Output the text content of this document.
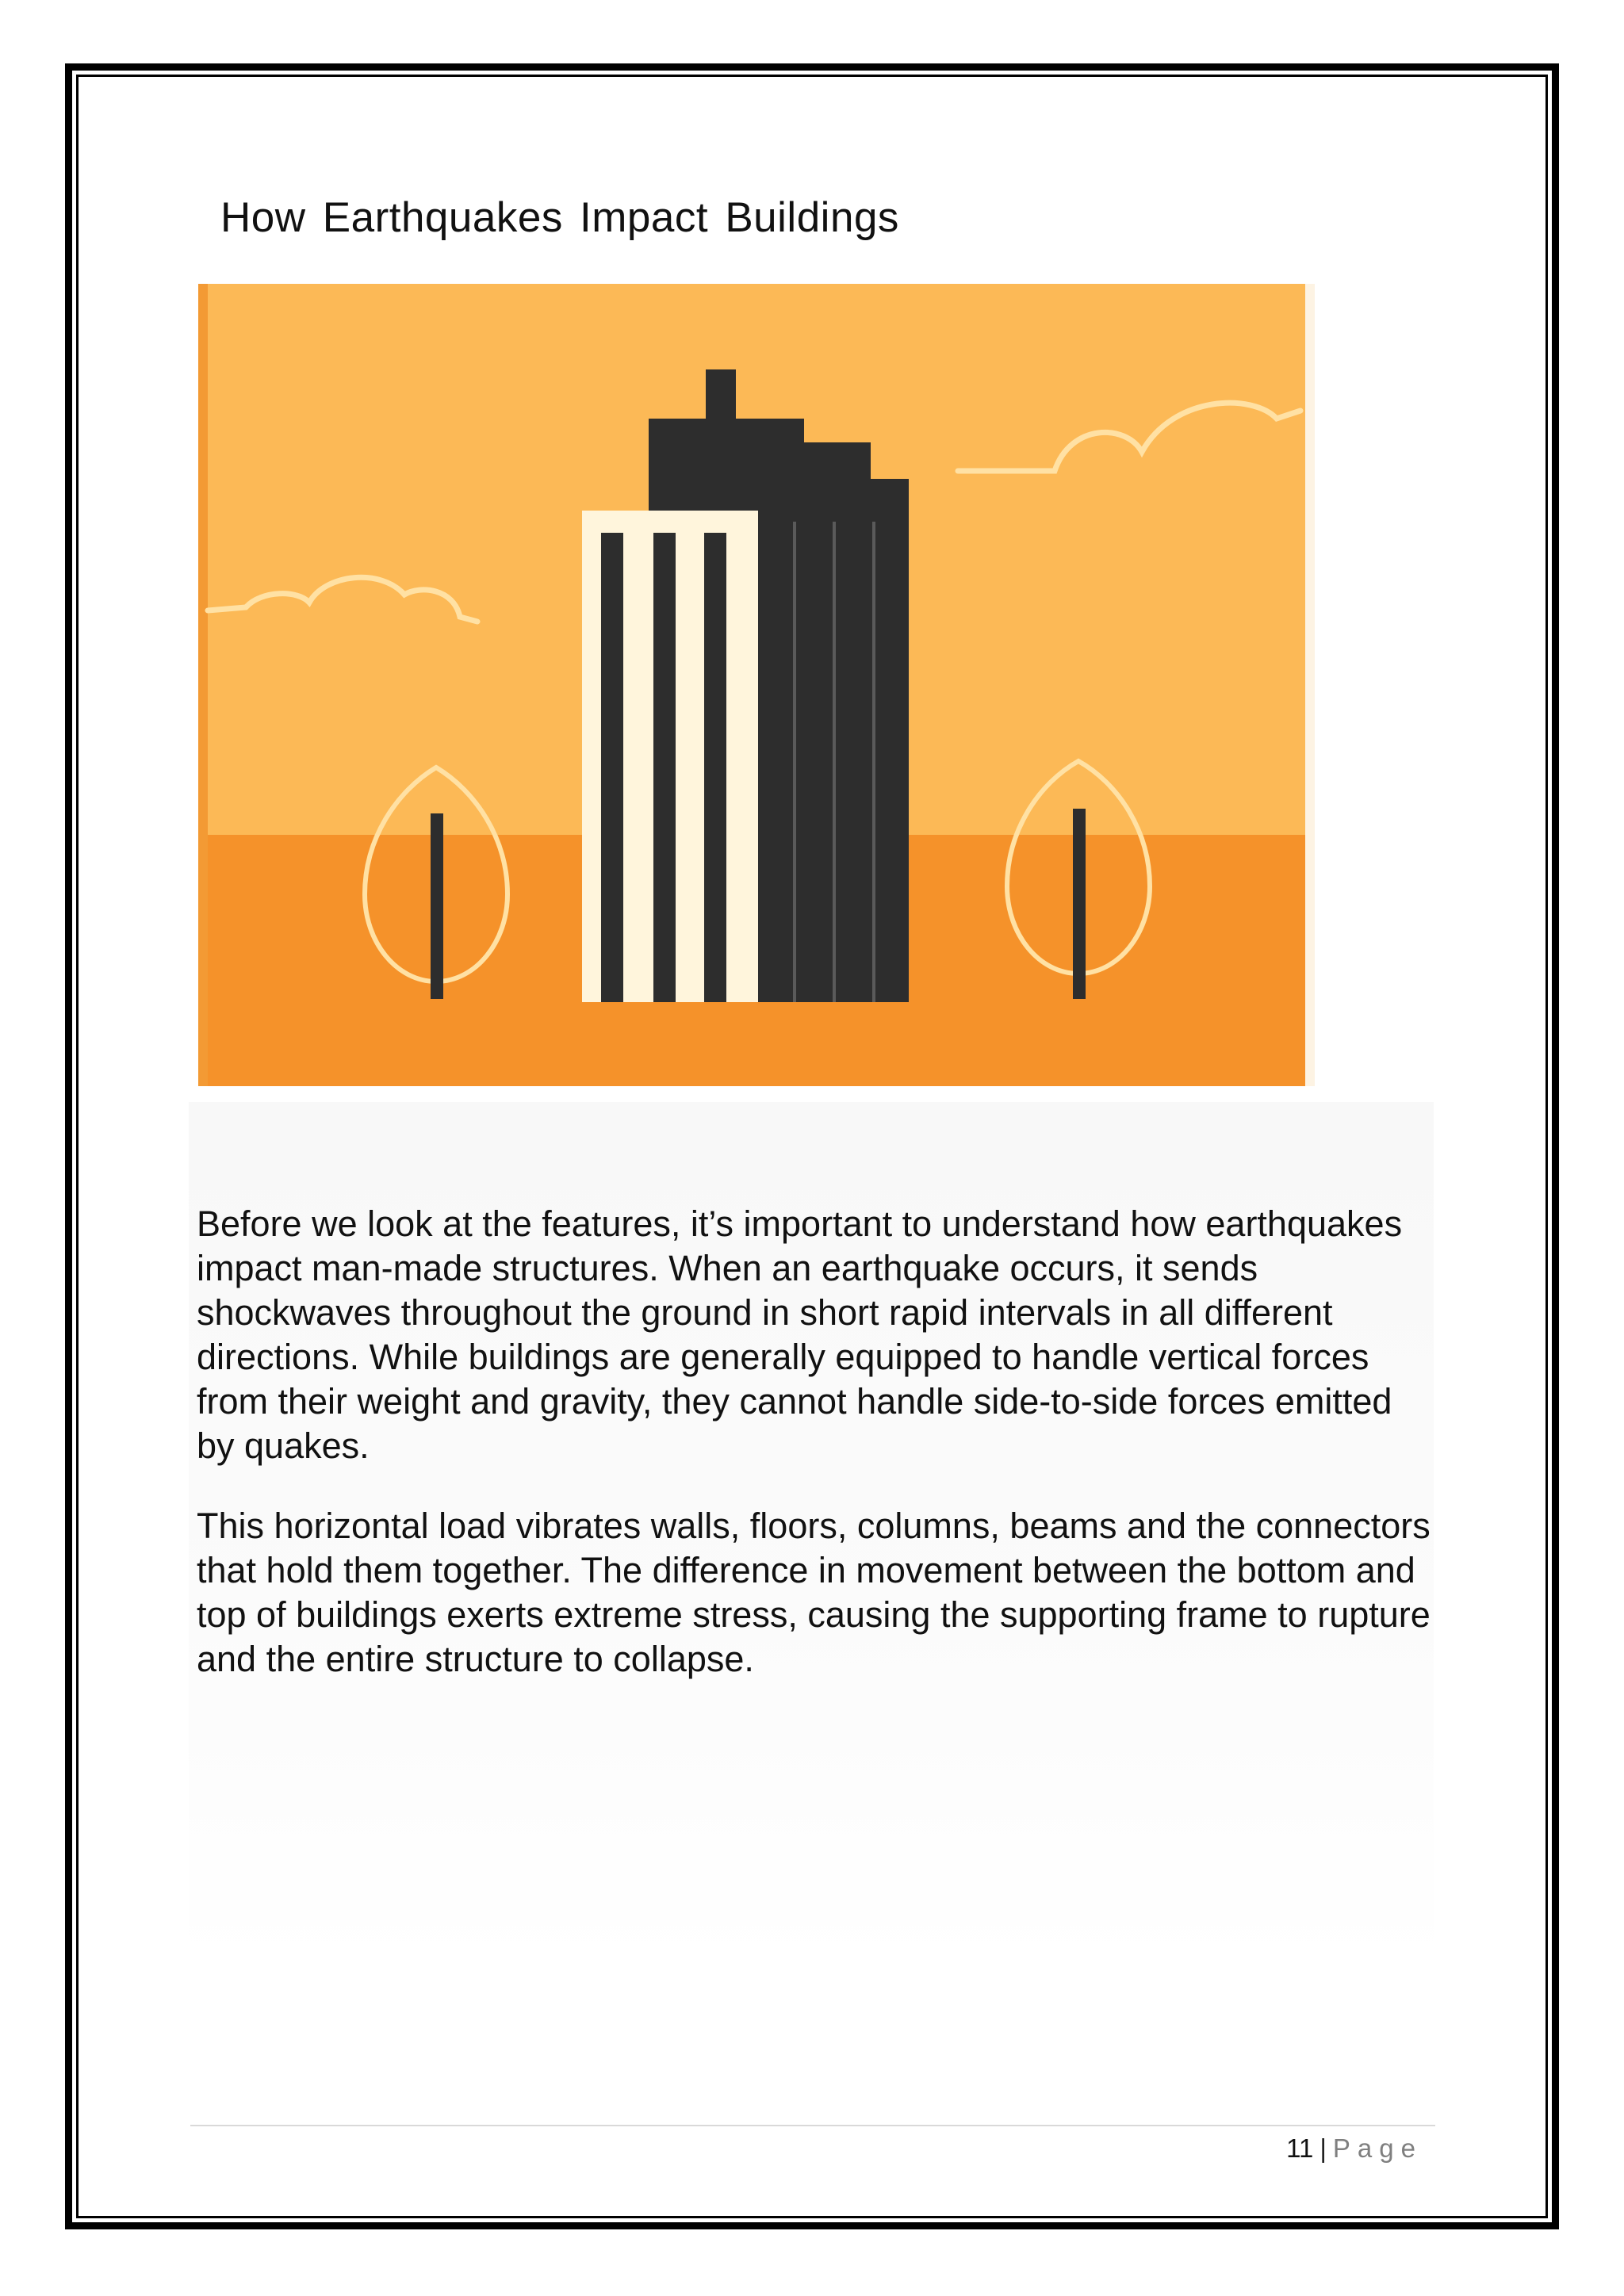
How Earthquakes Impact Buildings

Before we look at the features, it’s important to understand how earthquakes impact man-made structures. When an earthquake occurs, it sends shockwaves throughout the ground in short rapid intervals in all different directions. While buildings are generally equipped to handle vertical forces from their weight and gravity, they cannot handle side-to-side forces emitted by quakes.

This horizontal load vibrates walls, floors, columns, beams and the connectors that hold them together. The difference in movement between the bottom and top of buildings exerts extreme stress, causing the supporting frame to rupture and the entire structure to collapse.

11 | Page
